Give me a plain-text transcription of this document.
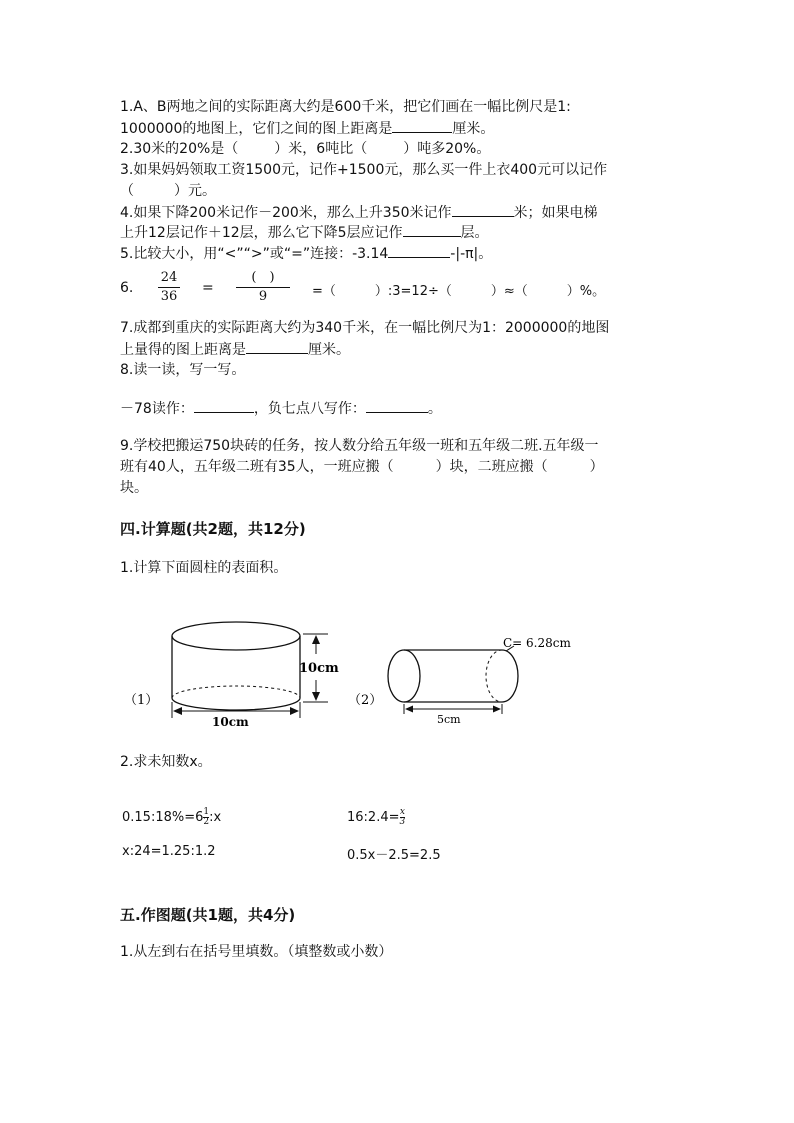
1.A、B两地之间的实际距离大约是600千米，把它们画在一幅比例尺是1:
1000000的地图上，它们之间的图上距离是	厘米。
2.30米的20%是（	）米，6吨比（	）吨多20%。
3.如果妈妈领取工资1500元，记作+1500元，那么买一件上衣400元可以记作
（	）元。
4.如果下降200米记作－200米，那么上升350米记作	米；如果电梯
上升12层记作＋12层，那么它下降5层应记作	层。
5.比较大小，用“<”“>”或“=”连接：-3.14	-|-π|。
6.
24
36
=
(　)
9	=（　　　）:3=12÷（　　　）≈（　　　）%。
7.成都到重庆的实际距离大约为340千米，在一幅比例尺为1：2000000的地图
上量得的图上距离是	厘米。
8.读一读，写一写。
－78读作：	，负七点八写作：	。
9.学校把搬运750块砖的任务，按人数分给五年级一班和五年级二班.五年级一
班有40人，五年级二班有35人，一班应搬（　　　）块，二班应搬（　　　）
块。
四.计算题(共2题，共12分)
1.计算下面圆柱的表面积。
10cm
10cm
（1）
C= 6.28cm
5cm
（2）
2.求未知数x。
$0.15:18\%=6\frac{1}{2}:x$	$16:2.4=\frac{x}{3}$
x:24=1.25:1.2	0.5x－2.5=2.5
五.作图题(共1题，共4分)
1.从左到右在括号里填数。（填整数或小数）
